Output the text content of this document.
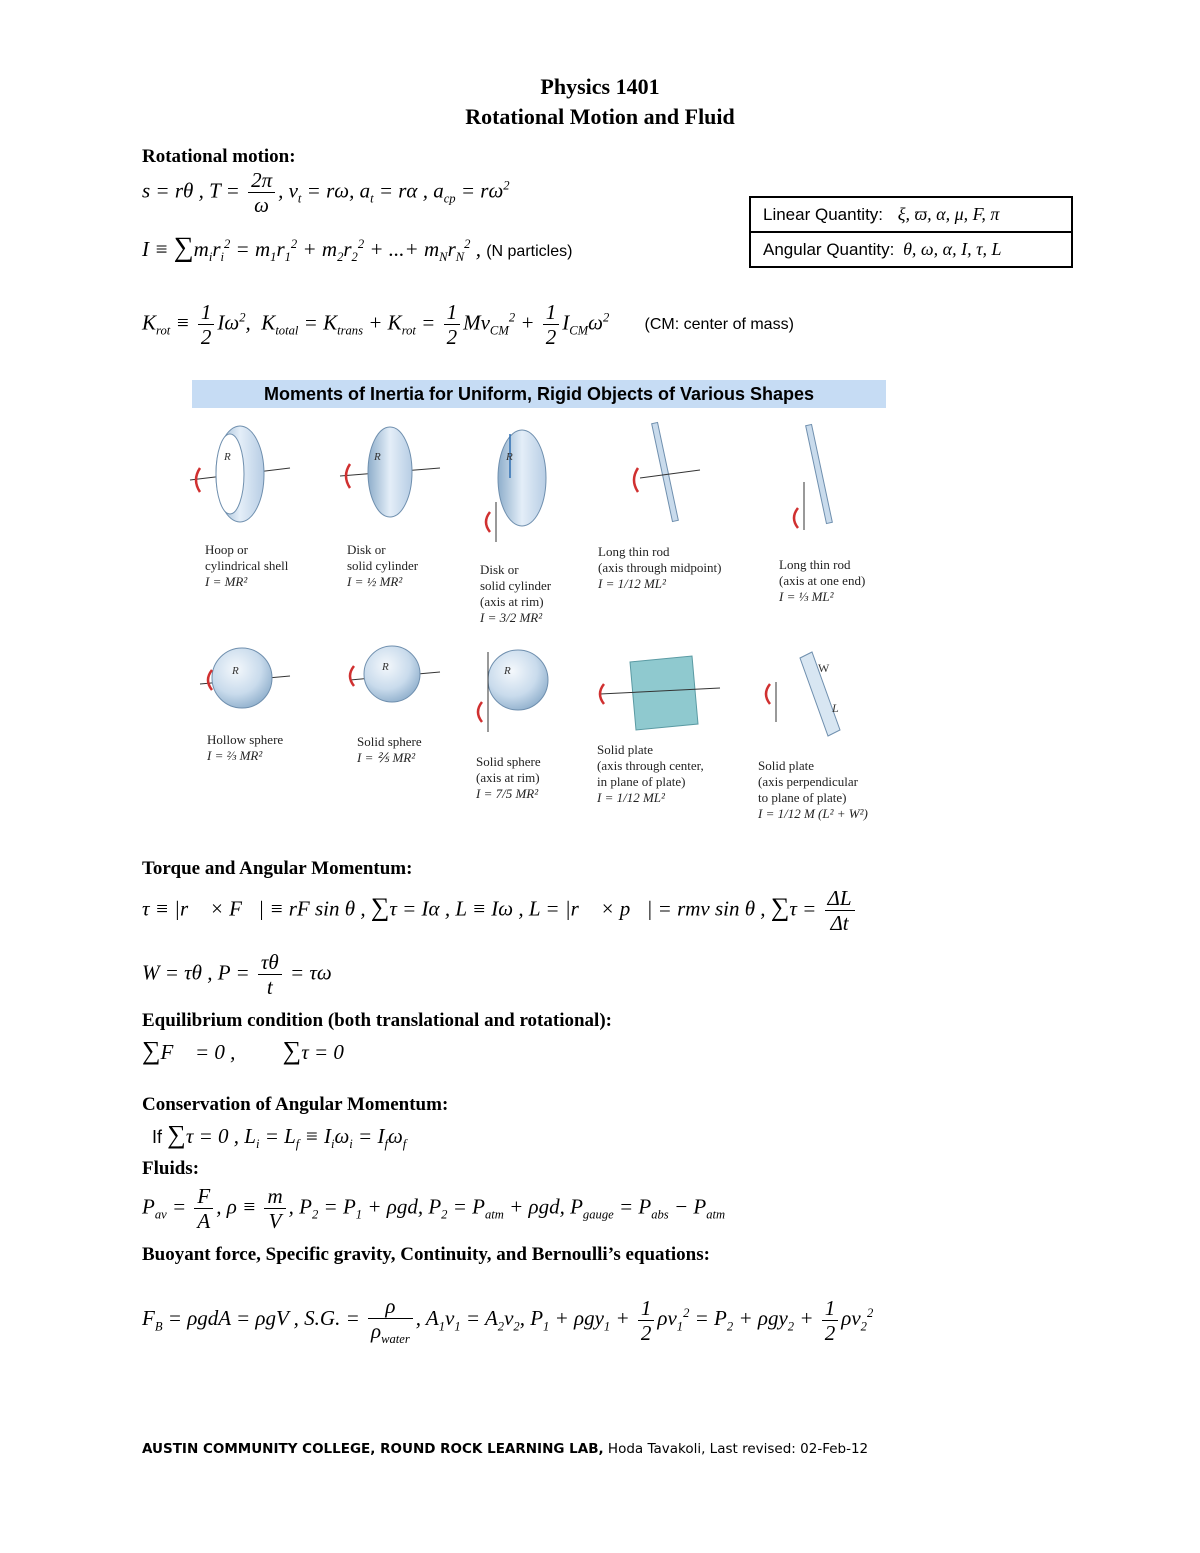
Physics 1401
Rotational Motion and Fluid
Rotational motion:
s = rθ , $T = \frac{2\pi}{\omega}$ , $v_t = r\omega$, $a_t = r\alpha$ , $a_{cp} = r\omega^2$
Linear Quantity: ξ, ϖ, α, μ, F, π
Angular Quantity: θ, ω, α, I, τ, L
$I \equiv \sum m_ir_i^2 = m_1r_1^2 + m_2r_2^2$ + ...+ $m_Nr_N^2$ , (N particles)
$K_{rot} \equiv \frac{1}{2} I\omega^2$,  $K_{total} = K_{trans} + K_{rot} = \frac{1}{2} Mv_{CM}^2 + \frac{1}{2} I_{CM}\omega^2$ (CM: center of mass)
Moments of Inertia for Uniform, Rigid Objects of Various Shapes
R	R	R
R	R	R	W
L
Hoop or
cylindrical shell
I = MR²
Disk or
solid cylinder
I = ½ MR²
Disk or
solid cylinder
(axis at rim)
I = 3/2 MR²
Long thin rod
(axis through midpoint)
I = 1/12 ML²
Long thin rod
(axis at one end)
I = ⅓ ML²
Hollow sphere
I = ⅔ MR²
Solid sphere
I = ⅖ MR²	Solid sphere
(axis at rim)
I = 7/5 MR²
Solid plate
(axis through center,
in plane of plate)
I = 1/12 ML²
Solid plate
(axis perpendicular
to plane of plate)
I = 1/12 M (L² + W²)
Torque and Angular Momentum:
τ ≡ |r⃗ × F⃗| ≡ rF sin θ , ∑τ = Iα , L ≡ Iω , L = |r⃗ × p⃗| = rmv sin θ , $\sum\tau = \frac{\Delta L}{\Delta t}$
W = τθ , $P = \frac{\tau\theta}{t} = \tau\omega$
Equilibrium condition (both translational and rotational):
∑F⃗ = 0 ,         ∑τ = 0
Conservation of Angular Momentum:
If ∑τ = 0 , $L_i = L_f \equiv I_i\omega_i = I_f\omega_f$
Fluids:
$P_{av} = \frac{F}{A}$ , $\rho \equiv \frac{m}{V}$ , $P_2 = P_1 + \rho gd$, $P_2 = P_{atm} + \rho gd$, $P_{gauge} = P_{abs} - P_{atm}$
Buoyant force, Specific gravity, Continuity, and Bernoulli’s equations:
$F_B = \rho gdA = \rho gV$ , S.G. = $\frac{\rho}{\rho_{water}}$ , $A_1v_1 = A_2v_2$, $P_1 + \rho gy_1 + \frac{1}{2} \rho v_1^2 = P_2 + \rho gy_2 + \frac{1}{2} \rho v_2^2$
AUSTIN COMMUNITY COLLEGE, ROUND ROCK LEARNING LAB, Hoda Tavakoli, Last revised: 02-Feb-12
